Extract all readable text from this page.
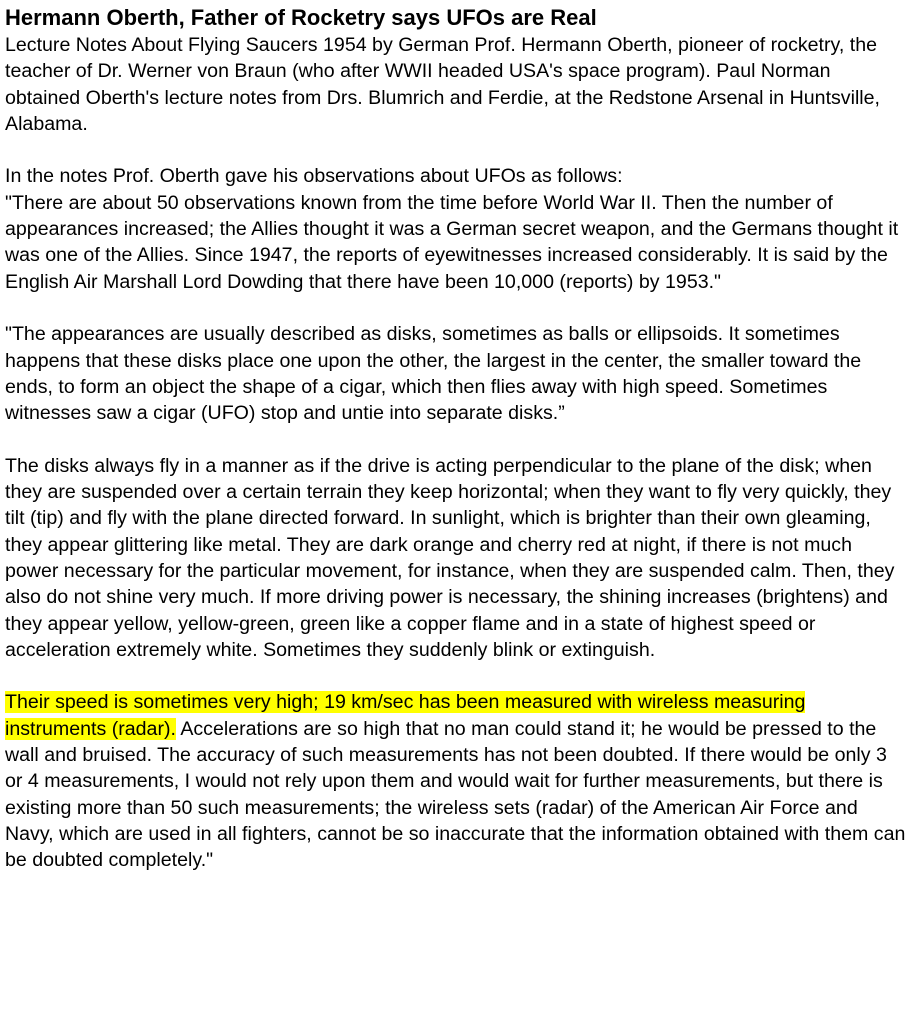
Hermann Oberth, Father of Rocketry says UFOs are Real

Lecture Notes About Flying Saucers 1954 by German Prof. Hermann Oberth, pioneer of rocketry, the teacher of Dr. Werner von Braun (who after WWII headed USA's space program). Paul Norman obtained Oberth's lecture notes from Drs. Blumrich and Ferdie, at the Redstone Arsenal in Huntsville, Alabama.

In the notes Prof. Oberth gave his observations about UFOs as follows:
"There are about 50 observations known from the time before World War II. Then the number of appearances increased; the Allies thought it was a German secret weapon, and the Germans thought it was one of the Allies. Since 1947, the reports of eyewitnesses increased considerably. It is said by the English Air Marshall Lord Dowding that there have been 10,000 (reports) by 1953."

"The appearances are usually described as disks, sometimes as balls or ellipsoids. It sometimes happens that these disks place one upon the other, the largest in the center, the smaller toward the ends, to form an object the shape of a cigar, which then flies away with high speed. Sometimes witnesses saw a cigar (UFO) stop and untie into separate disks.”

The disks always fly in a manner as if the drive is acting perpendicular to the plane of the disk; when they are suspended over a certain terrain they keep horizontal; when they want to fly very quickly, they tilt (tip) and fly with the plane directed forward. In sunlight, which is brighter than their own gleaming, they appear glittering like metal. They are dark orange and cherry red at night, if there is not much power necessary for the particular movement, for instance, when they are suspended calm. Then, they also do not shine very much. If more driving power is necessary, the shining increases (brightens) and they appear yellow, yellow-green, green like a copper flame and in a state of highest speed or acceleration extremely white. Sometimes they suddenly blink or extinguish.

Their speed is sometimes very high; 19 km/sec has been measured with wireless measuring instruments (radar). Accelerations are so high that no man could stand it; he would be pressed to the wall and bruised. The accuracy of such measurements has not been doubted. If there would be only 3 or 4 measurements, I would not rely upon them and would wait for further measurements, but there is existing more than 50 such measurements; the wireless sets (radar) of the American Air Force and Navy, which are used in all fighters, cannot be so inaccurate that the information obtained with them can be doubted completely."
